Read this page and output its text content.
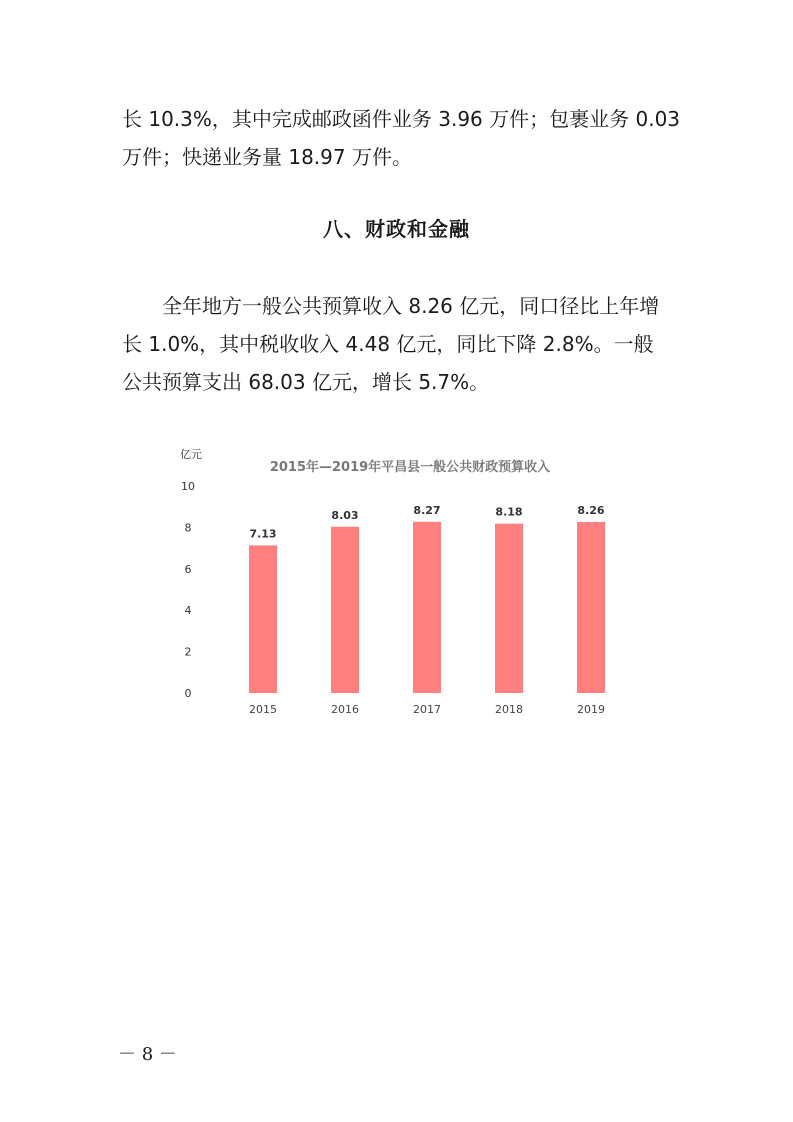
长 10.3%，其中完成邮政函件业务 3.96 万件；包裹业务 0.03
万件；快递业务量 18.97 万件。
八、财政和金融
全年地方一般公共预算收入 8.26 亿元，同口径比上年增
长 1.0%，其中税收收入 4.48 亿元，同比下降 2.8%。一般
公共预算支出 68.03 亿元，增长 5.7%。
2015年—2019年平昌县一般公共财政预算收入
亿元
0
2
4
6
8
10
7.13
8.03	8.27	8.18	8.26
2015	2016	2017	2018	2019
－ 8 －
